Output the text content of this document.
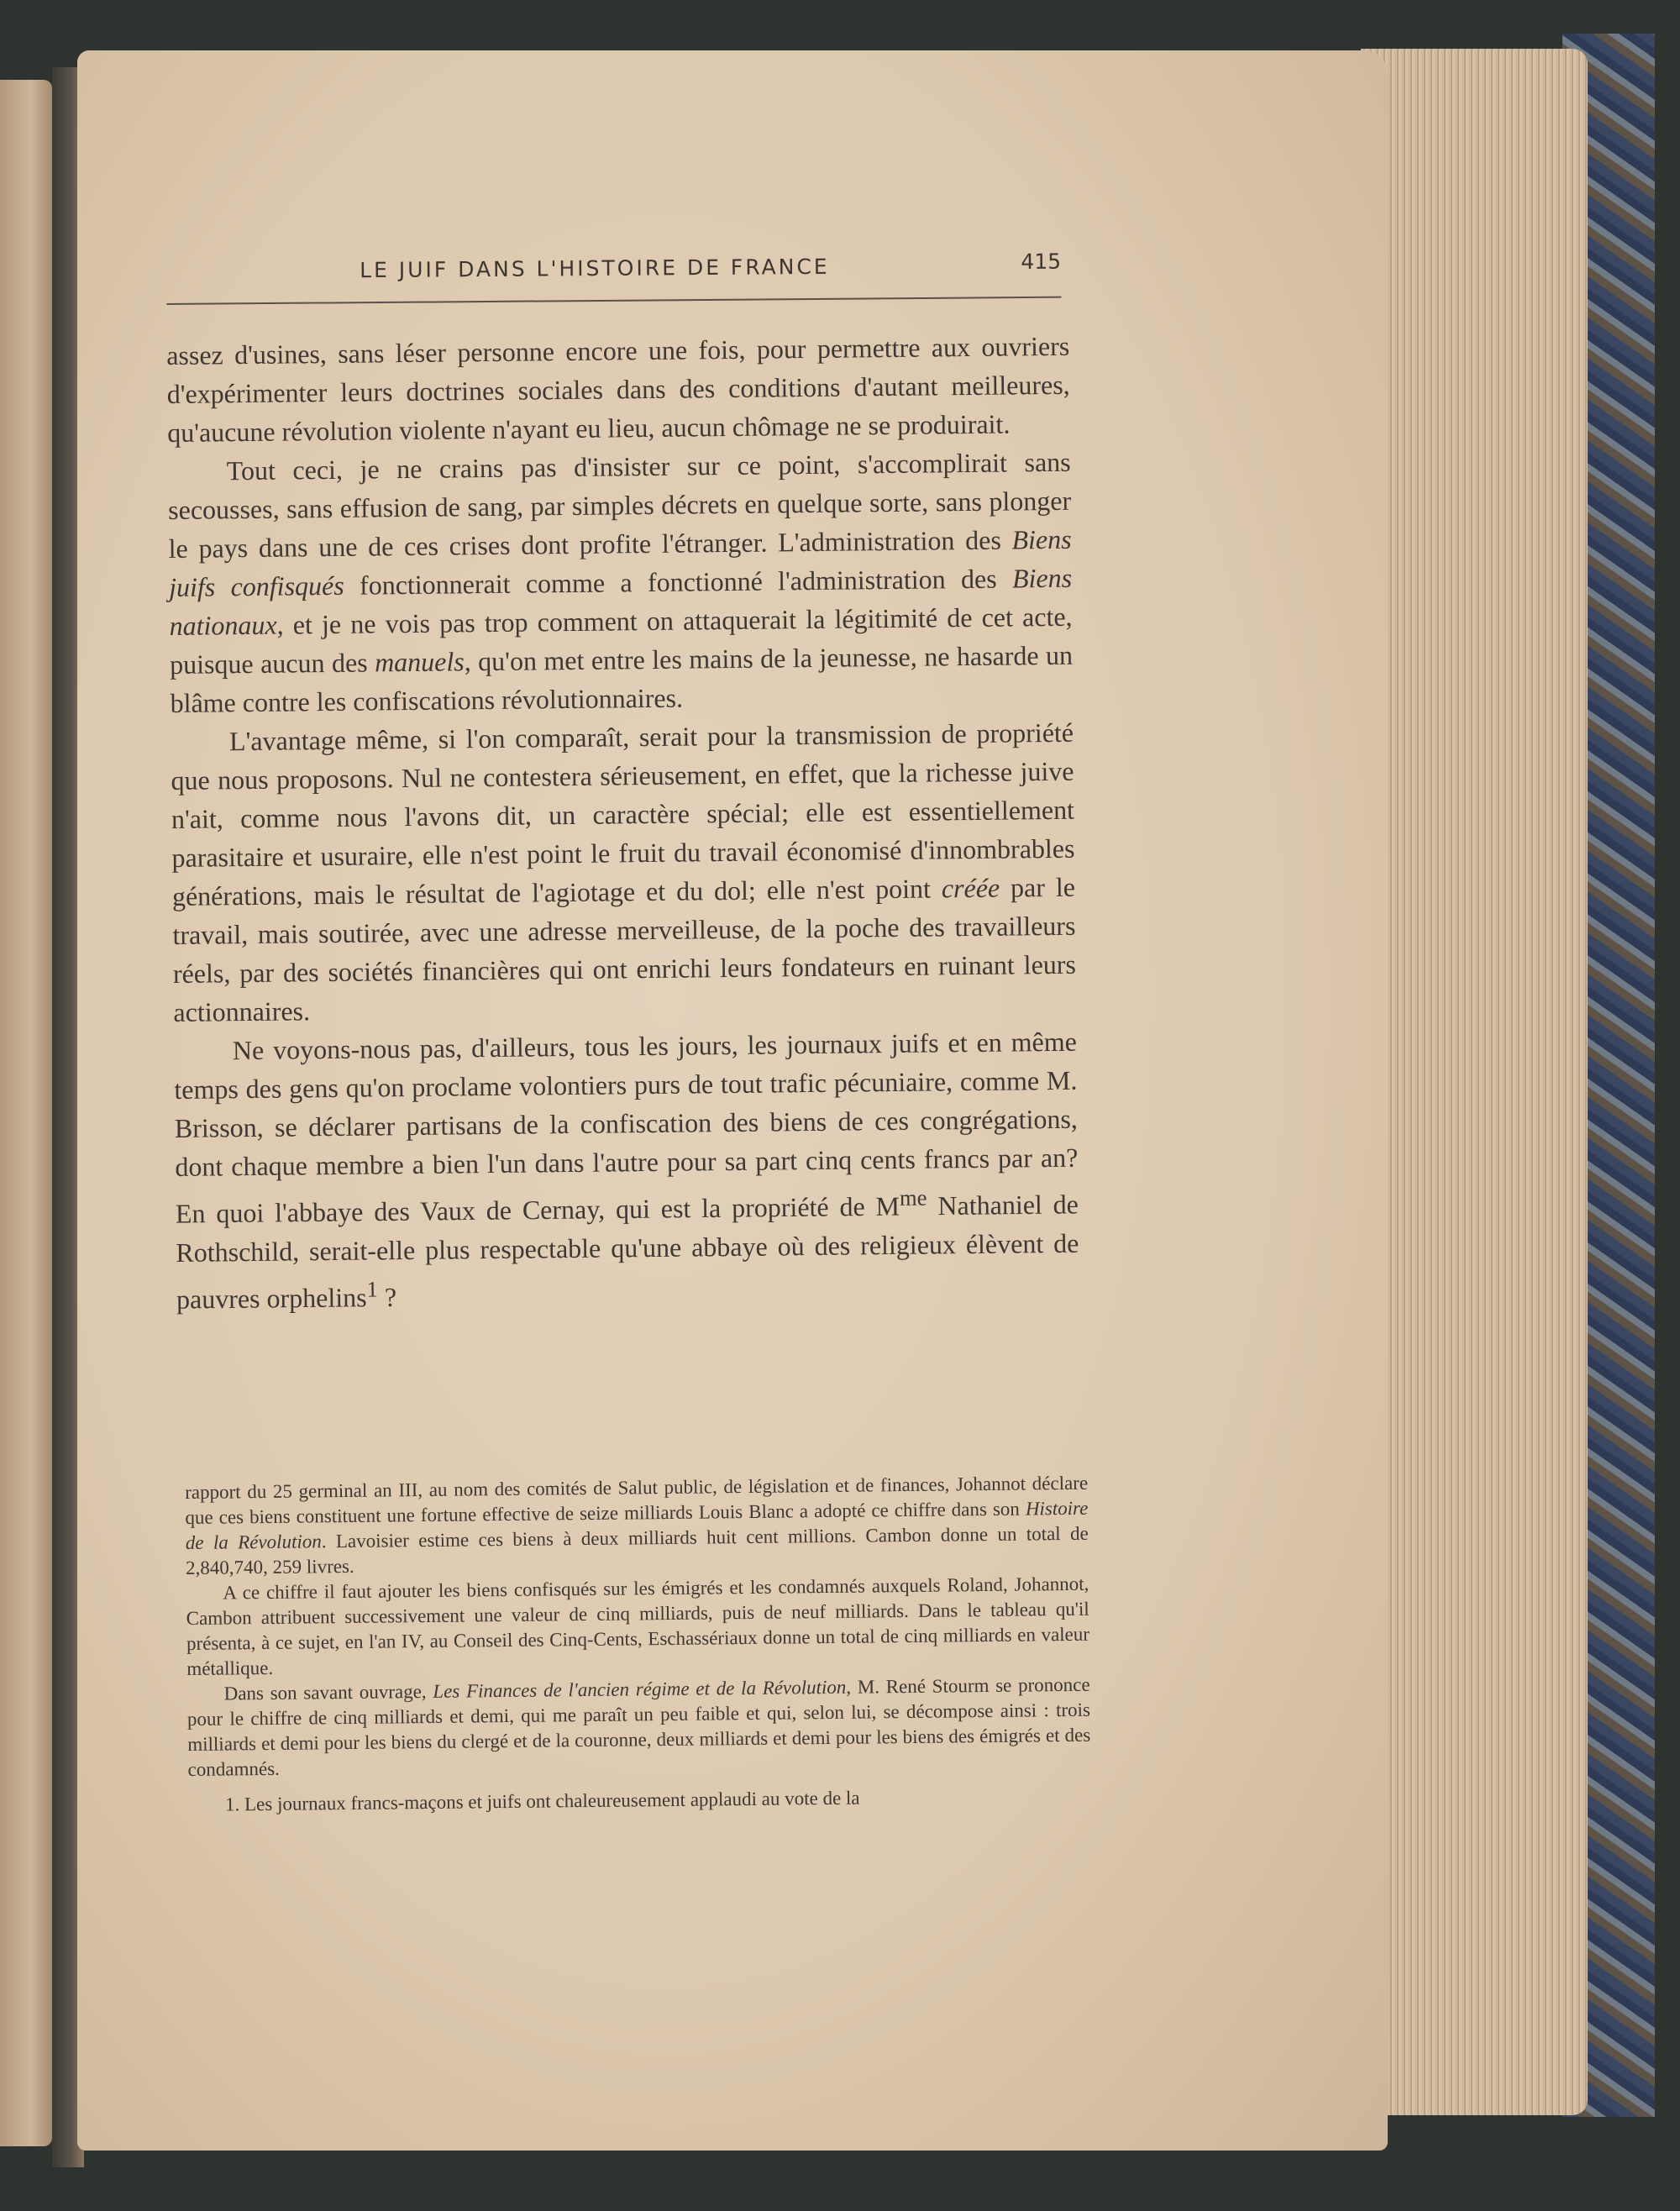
LE JUIF DANS L'HISTOIRE DE FRANCE	415

assez d'usines, sans léser personne encore une fois, pour permettre aux ouvriers d'expérimenter leurs doctrines sociales dans des conditions d'autant meilleures, qu'aucune révolution violente n'ayant eu lieu, aucun chômage ne se produirait.

Tout ceci, je ne crains pas d'insister sur ce point, s'accomplirait sans secousses, sans effusion de sang, par simples décrets en quelque sorte, sans plonger le pays dans une de ces crises dont profite l'étranger. L'administration des Biens juifs confisqués fonctionnerait comme a fonctionné l'administration des Biens nationaux, et je ne vois pas trop comment on attaquerait la légitimité de cet acte, puisque aucun des manuels, qu'on met entre les mains de la jeunesse, ne hasarde un blâme contre les confiscations révolutionnaires.

L'avantage même, si l'on comparaît, serait pour la transmission de propriété que nous proposons. Nul ne contestera sérieusement, en effet, que la richesse juive n'ait, comme nous l'avons dit, un caractère spécial; elle est essentiellement parasitaire et usuraire, elle n'est point le fruit du travail économisé d'innombrables générations, mais le résultat de l'agiotage et du dol; elle n'est point créée par le travail, mais soutirée, avec une adresse merveilleuse, de la poche des travailleurs réels, par des sociétés financières qui ont enrichi leurs fondateurs en ruinant leurs actionnaires.

Ne voyons-nous pas, d'ailleurs, tous les jours, les journaux juifs et en même temps des gens qu'on proclame volontiers purs de tout trafic pécuniaire, comme M. Brisson, se déclarer partisans de la confiscation des biens de ces congrégations, dont chaque membre a bien l'un dans l'autre pour sa part cinq cents francs par an? En quoi l'abbaye des Vaux de Cernay, qui est la propriété de $M^{me}$ Nathaniel de Rothschild, serait-elle plus respectable qu'une abbaye où des religieux élèvent de pauvres orphelins$^1$ ?

rapport du 25 germinal an III, au nom des comités de Salut public, de législation et de finances, Johannot déclare que ces biens constituent une fortune effective de seize milliards Louis Blanc a adopté ce chiffre dans son Histoire de la Révolution. Lavoisier estime ces biens à deux milliards huit cent millions. Cambon donne un total de 2,840,740, 259 livres.

A ce chiffre il faut ajouter les biens confisqués sur les émigrés et les condamnés auxquels Roland, Johannot, Cambon attribuent successivement une valeur de cinq milliards, puis de neuf milliards. Dans le tableau qu'il présenta, à ce sujet, en l'an IV, au Conseil des Cinq-Cents, Eschassériaux donne un total de cinq milliards en valeur métallique.

Dans son savant ouvrage, Les Finances de l'ancien régime et de la Révolution, M. René Stourm se prononce pour le chiffre de cinq milliards et demi, qui me paraît un peu faible et qui, selon lui, se décompose ainsi : trois milliards et demi pour les biens du clergé et de la couronne, deux milliards et demi pour les biens des émigrés et des condamnés.

1. Les journaux francs-maçons et juifs ont chaleureusement applaudi au vote de la
